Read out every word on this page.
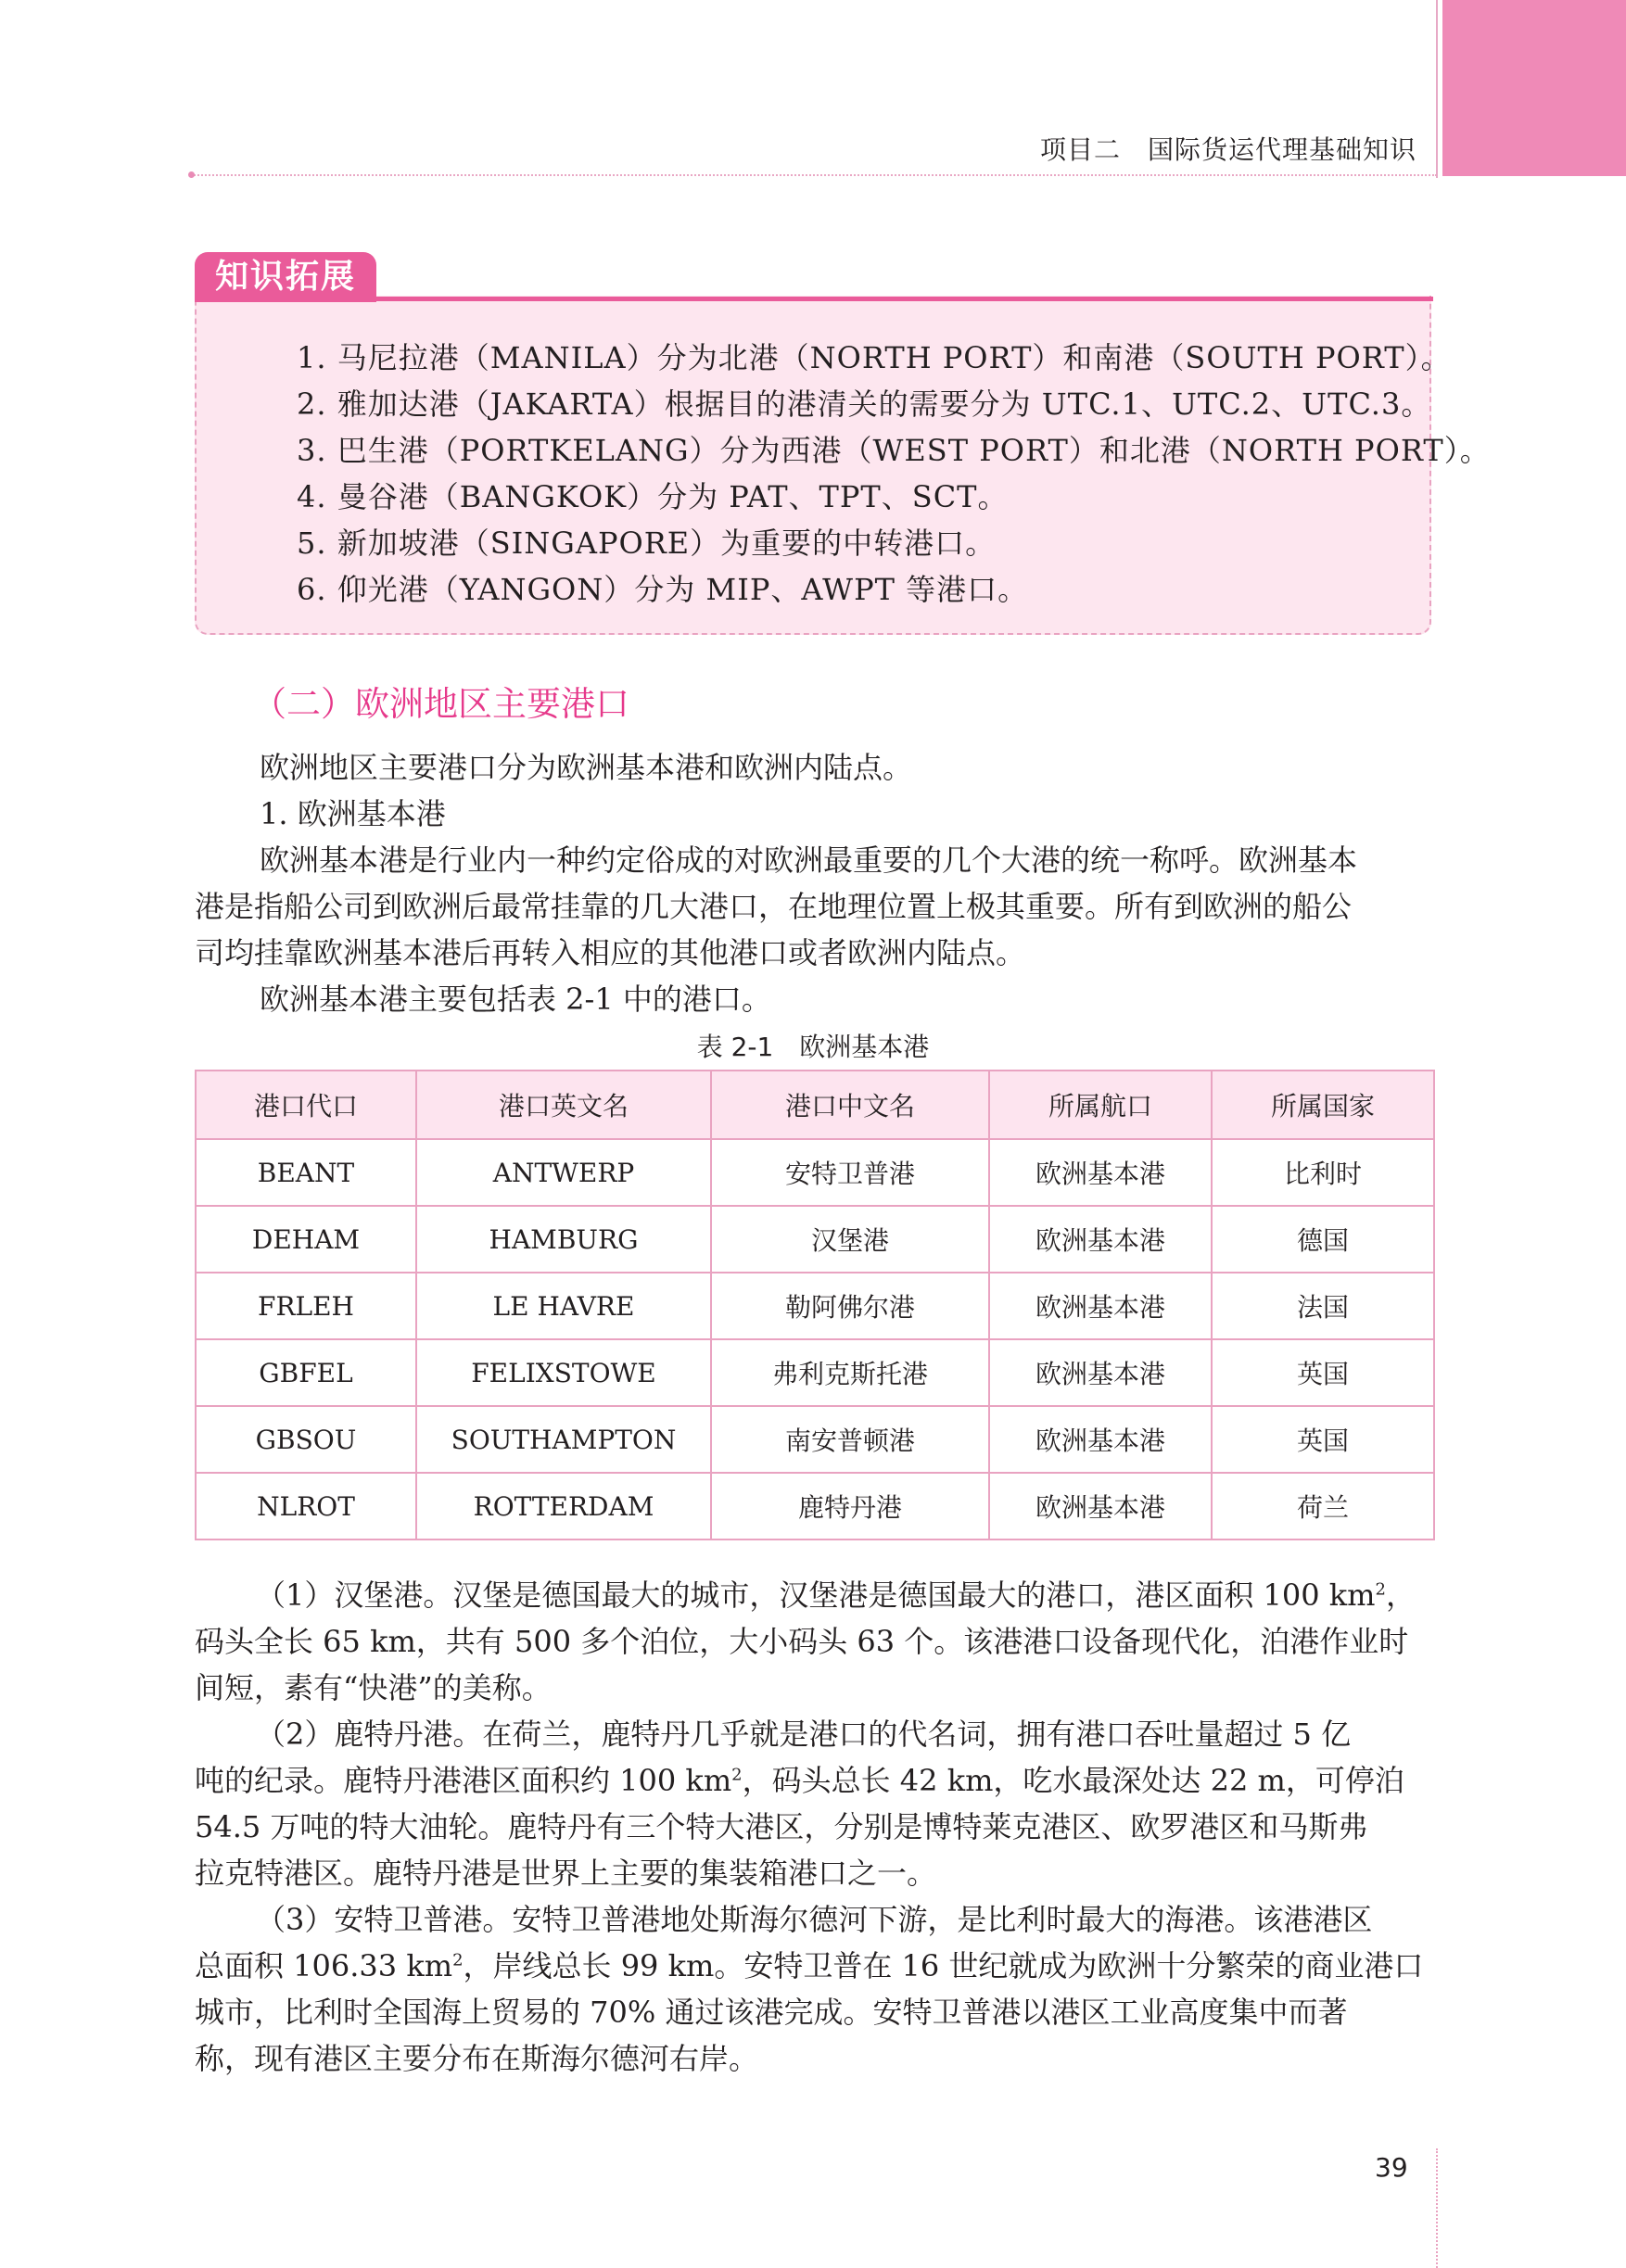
项目二　国际货运代理基础知识
知识拓展
1. 马尼拉港（MANILA）分为北港（NORTH PORT）和南港（SOUTH PORT）。
2. 雅加达港（JAKARTA）根据目的港清关的需要分为 UTC.1、UTC.2、UTC.3。
3. 巴生港（PORTKELANG）分为西港（WEST PORT）和北港（NORTH PORT）。
4. 曼谷港（BANGKOK）分为 PAT、TPT、SCT。
5. 新加坡港（SINGAPORE）为重要的中转港口。
6. 仰光港（YANGON）分为 MIP、AWPT 等港口。
（二）欧洲地区主要港口
欧洲地区主要港口分为欧洲基本港和欧洲内陆点。
1. 欧洲基本港
欧洲基本港是行业内一种约定俗成的对欧洲最重要的几个大港的统一称呼。欧洲基本
港是指船公司到欧洲后最常挂靠的几大港口，在地理位置上极其重要。所有到欧洲的船公
司均挂靠欧洲基本港后再转入相应的其他港口或者欧洲内陆点。
欧洲基本港主要包括表 2-1 中的港口。
表 2-1　欧洲基本港
港口代口	港口英文名	港口中文名	所属航口	所属国家
BEANT	ANTWERP	安特卫普港	欧洲基本港	比利时
DEHAM	HAMBURG	汉堡港	欧洲基本港	德国
FRLEH	LE HAVRE	勒阿佛尔港	欧洲基本港	法国
GBFEL	FELIXSTOWE	弗利克斯托港	欧洲基本港	英国
GBSOU	SOUTHAMPTON	南安普顿港	欧洲基本港	英国
NLROT	ROTTERDAM	鹿特丹港	欧洲基本港	荷兰
（1）汉堡港。汉堡是德国最大的城市，汉堡港是德国最大的港口，港区面积 100 $km^2$，
码头全长 65 km，共有 500 多个泊位，大小码头 63 个。该港港口设备现代化，泊港作业时
间短，素有“快港”的美称。
（2）鹿特丹港。在荷兰，鹿特丹几乎就是港口的代名词，拥有港口吞吐量超过 5 亿
吨的纪录。鹿特丹港港区面积约 100 $km^2$，码头总长 42 km，吃水最深处达 22 m，可停泊
54.5 万吨的特大油轮。鹿特丹有三个特大港区，分别是博特莱克港区、欧罗港区和马斯弗
拉克特港区。鹿特丹港是世界上主要的集装箱港口之一。
（3）安特卫普港。安特卫普港地处斯海尔德河下游，是比利时最大的海港。该港港区
总面积 106.33 $km^2$，岸线总长 99 km。安特卫普在 16 世纪就成为欧洲十分繁荣的商业港口
城市，比利时全国海上贸易的 70% 通过该港完成。安特卫普港以港区工业高度集中而著
称，现有港区主要分布在斯海尔德河右岸。
39
